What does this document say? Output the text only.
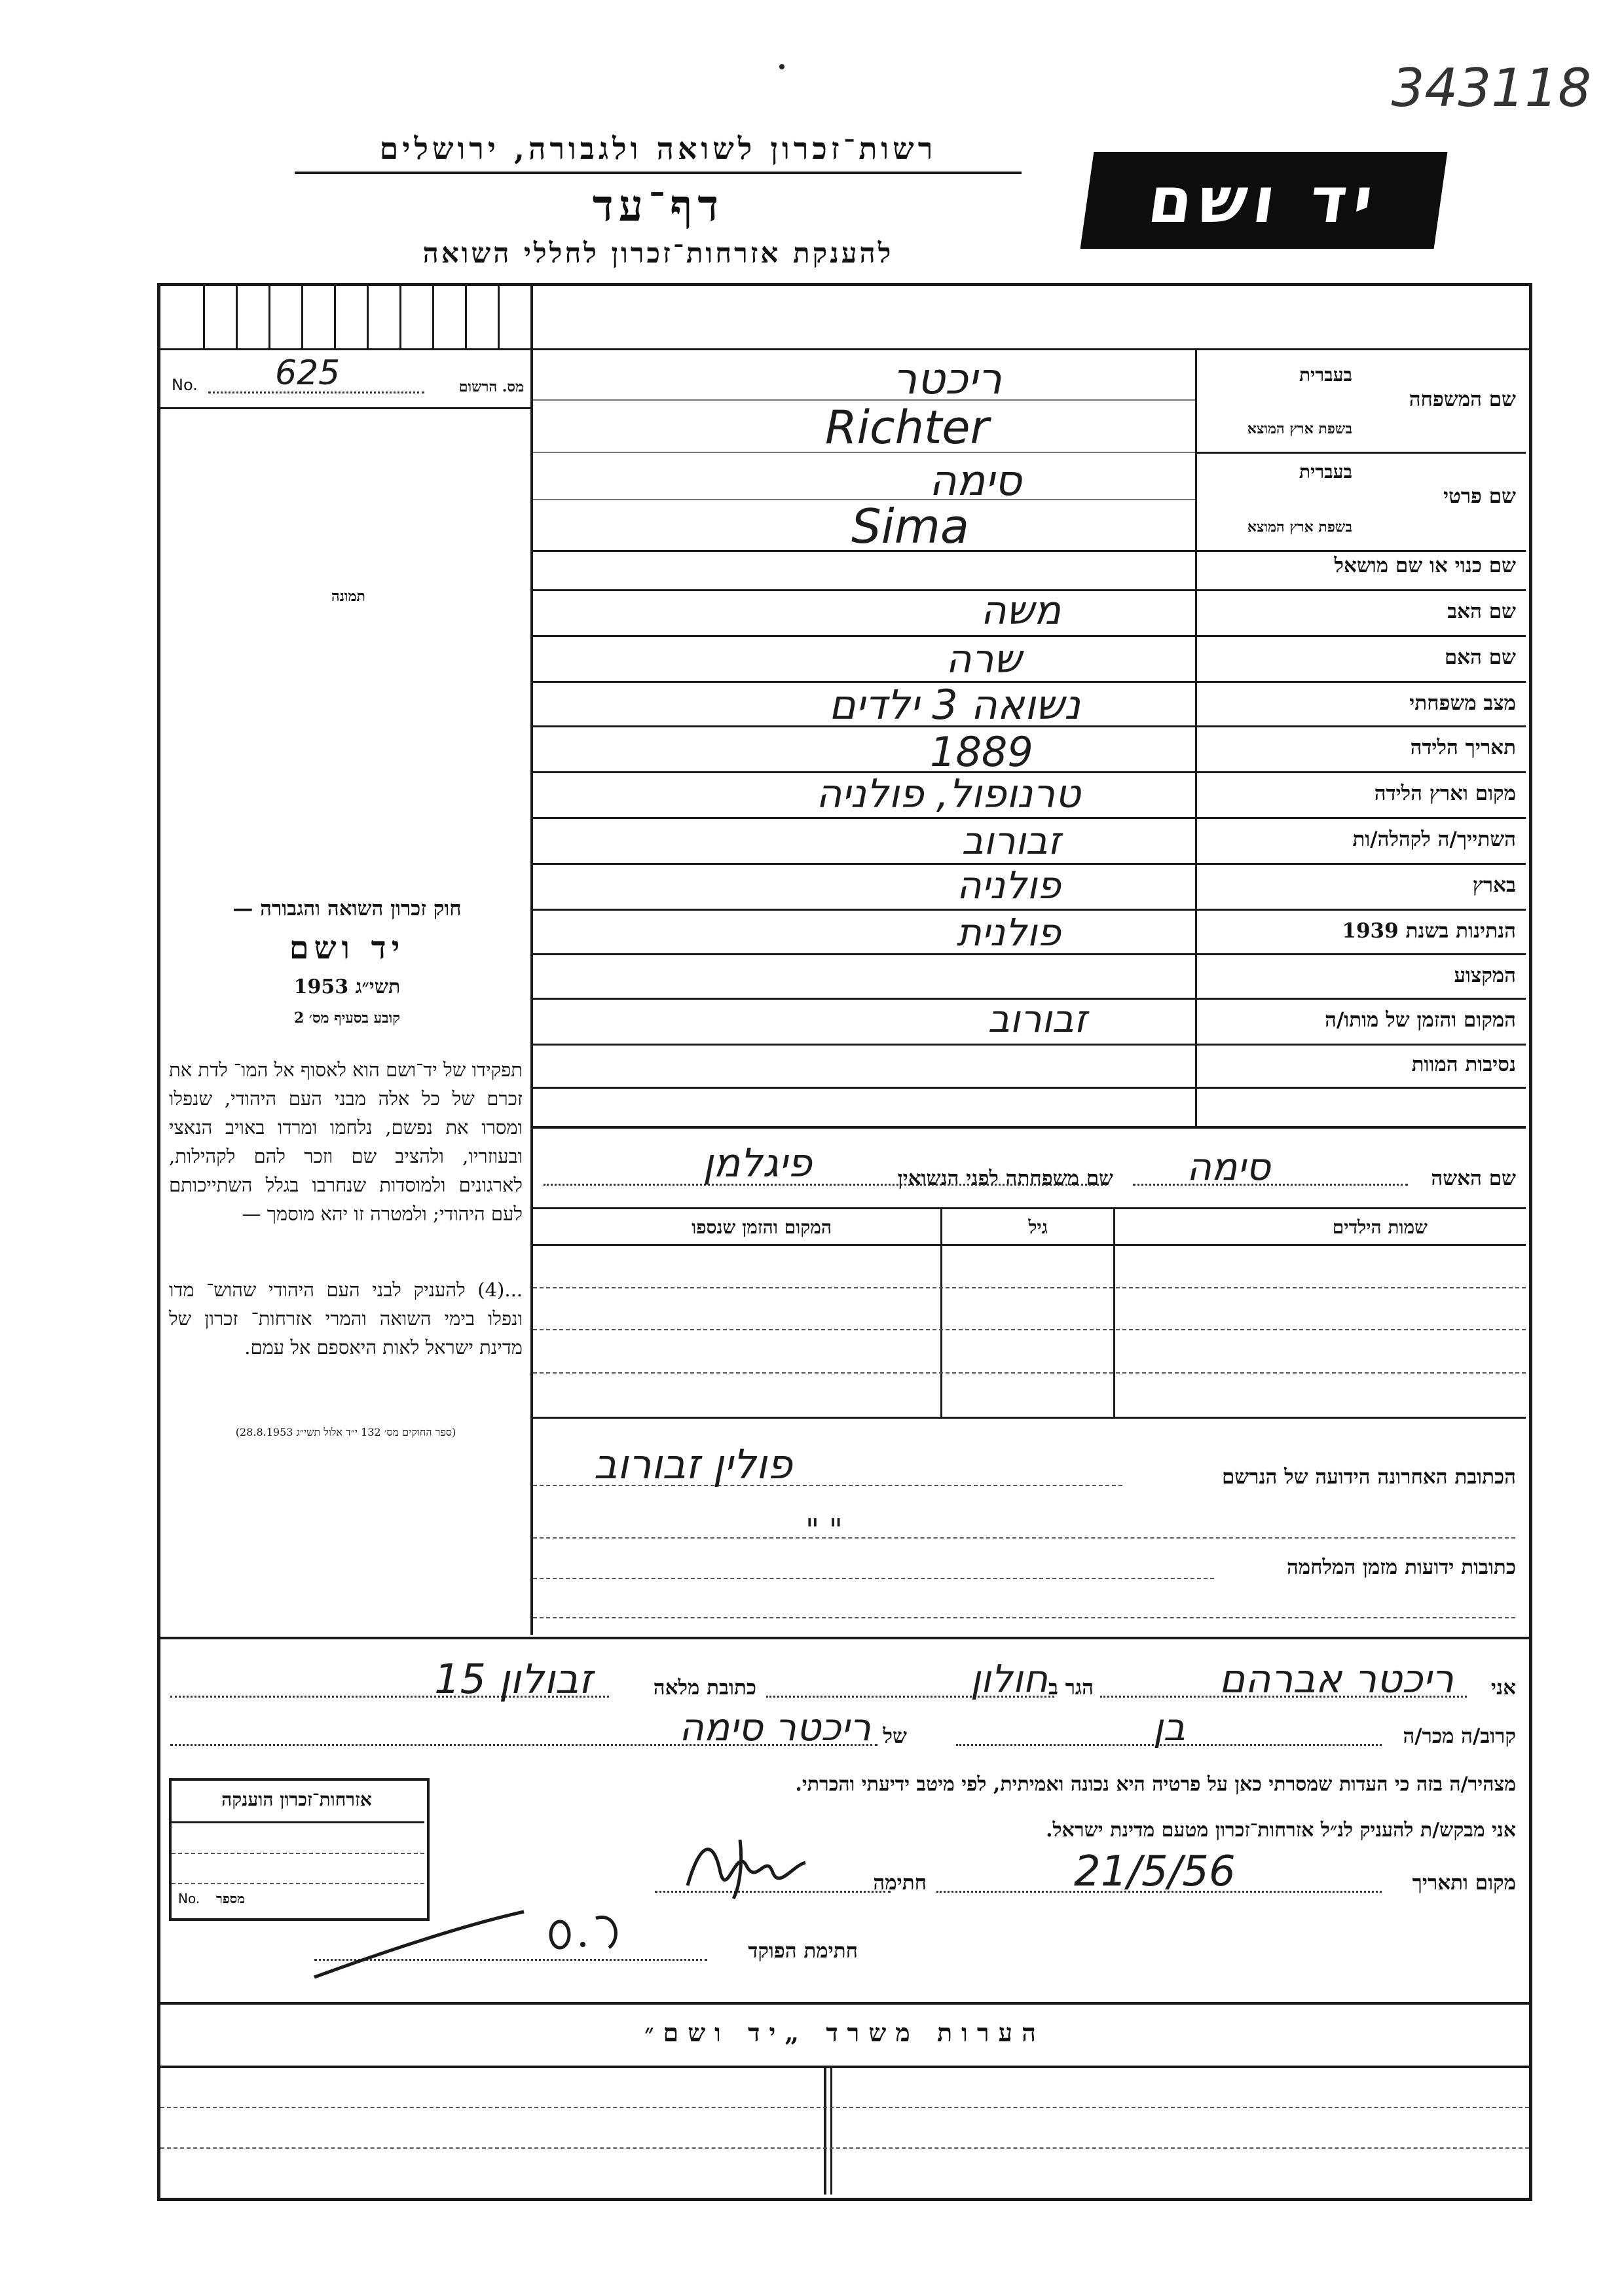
343118
רשות־זכרון לשואה ולגבורה, ירושלים
דף־עד
להענקת אזרחות־זכרון לחללי השואה
יד ושם
No. 625	מס. הרשום
תמונה
שם המשפחה
בעברית
בשפת ארץ המוצא
ריכטר
Richter
שם פרטי
בעברית
בשפת ארץ המוצא
סימה
Sima
שם כנוי או שם מושאל
שם האב
משה
שם האם
שרה
מצב משפחתי
נשואה 3 ילדים
תאריך הלידה
1889
מקום וארץ הלידה
טרנופול, פולניה
השתייך/ה לקהלה/ות
זבורוב
בארץ
פולניה
הנתינות בשנת 1939
פולנית
המקצוע
המקום והזמן של מותו/ה
זבורוב
נסיבות המוות
שם האשה
סימה
שם משפחתה לפני הנשואין
פיגלמן
שמות הילדים
גיל
המקום והזמן שנספו
הכתובת האחרונה הידועה של הנרשם
פולין זבורוב
" "
כתובות ידועות מזמן המלחמה
חוק זכרון השואה והגבורה —
יד ושם
תשי״ג 1953
קובע בסעיף מס׳ 2
תפקידו של יד־ושם הוא לאסוף אל המו־ לדת את זכרם של כל אלה מבני העם היהודי, שנפלו ומסרו את נפשם, נלחמו ומרדו באויב הנאצי ובעוזריו, ולהציב שם וזכר להם לקהילות, לארגונים ולמוסדות שנחרבו בגלל השתייכותם לעם היהודי; ולמטרה זו יהא מוסמך —
...(4) להעניק לבני העם היהודי שהוש־ מדו ונפלו בימי השואה והמרי אזרחות־ זכרון של מדינת ישראל לאות היאספם אל עמם.
(ספר החוקים מס׳ 132 י״ד אלול תשי״ג 28.8.1953)
אני
ריכטר אברהם
הגר ב
חולון
כתובת מלאה
זבולון 15
קרוב/ה מכר/ה
בן
של
ריכטר סימה
מצהיר/ה בזה כי העדות שמסרתי כאן על פרטיה היא נכונה ואמיתית, לפי מיטב ידיעתי והכרתי.
אני מבקש/ת להעניק לנ״ל אזרחות־זכרון מטעם מדינת ישראל.
מקום ותאריך
21/5/56
חתימה
חתימת הפוקד
אזרחות־זכרון הוענקה
No. מספר
הערות משרד „יד ושם״
